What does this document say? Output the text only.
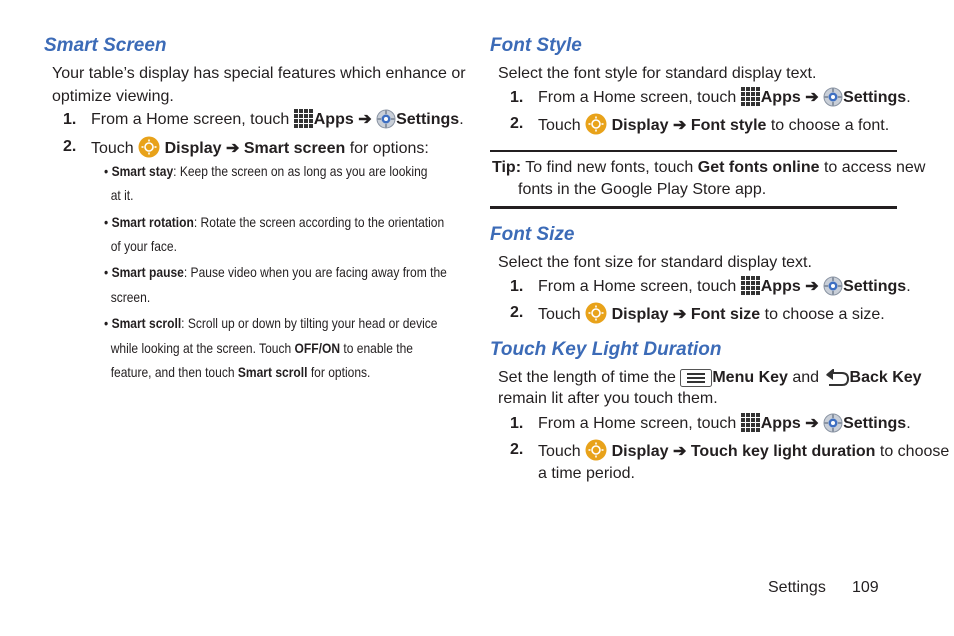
Smart Screen

Your table’s display has special features which enhance or

optimize viewing.

1. From a Home screen, touch Apps ➔ Settings.
2. Touch Display ➔ Smart screen for options:
• Smart stay: Keep the screen on as long as you are looking
at it.
• Smart rotation: Rotate the screen according to the orientation
of your face.
• Smart pause: Pause video when you are facing away from the
screen.
• Smart scroll: Scroll up or down by tilting your head or device
while looking at the screen. Touch OFF/ON to enable the
feature, and then touch Smart scroll for options.
Font Style

Select the font style for standard display text.

1. From a Home screen, touch Apps ➔ Settings.
2. Touch Display ➔ Font style to choose a font.
Tip: To find new fonts, touch Get fonts online to access new

fonts in the Google Play Store app.

Font Size

Select the font size for standard display text.

1. From a Home screen, touch Apps ➔ Settings.
2. Touch Display ➔ Font size to choose a size.
Touch Key Light Duration
Set the length of time the Menu Key and Back Key

remain lit after you touch them.

1. From a Home screen, touch Apps ➔ Settings.
2. Touch Display ➔ Touch key light duration to choose

a time period.

Settings 109
